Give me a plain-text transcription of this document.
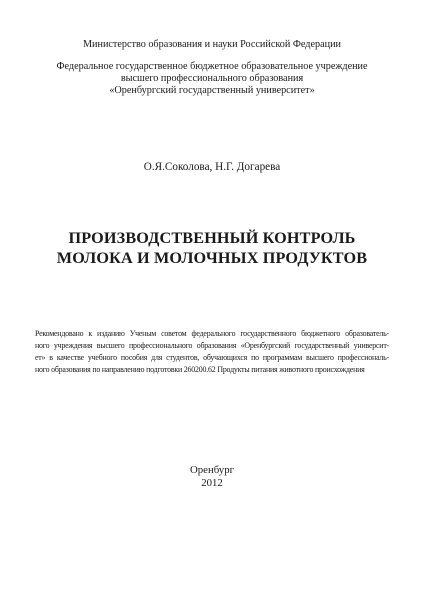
Министерство образования и науки Российской Федерации
Федеральное государственное бюджетное образовательное учреждение
высшего профессионального образования
«Оренбургский государственный университет»
О.Я.Соколова, Н.Г. Догарева
ПРОИЗВОДСТВЕННЫЙ КОНТРОЛЬ
МОЛОКА И МОЛОЧНЫХ ПРОДУКТОВ
Рекомендовано к изданию Ученым советом федерального государственного бюджетного образователь-
ного учреждения высшего профессионального образования «Оренбургский государственный университ-
ет» в качестве учебного пособия для студентов, обучающихся по программам высшего профессиональ-
ного образования по направлению подготовки 260200.62 Продукты питания животного происхождения
Оренбург
2012
